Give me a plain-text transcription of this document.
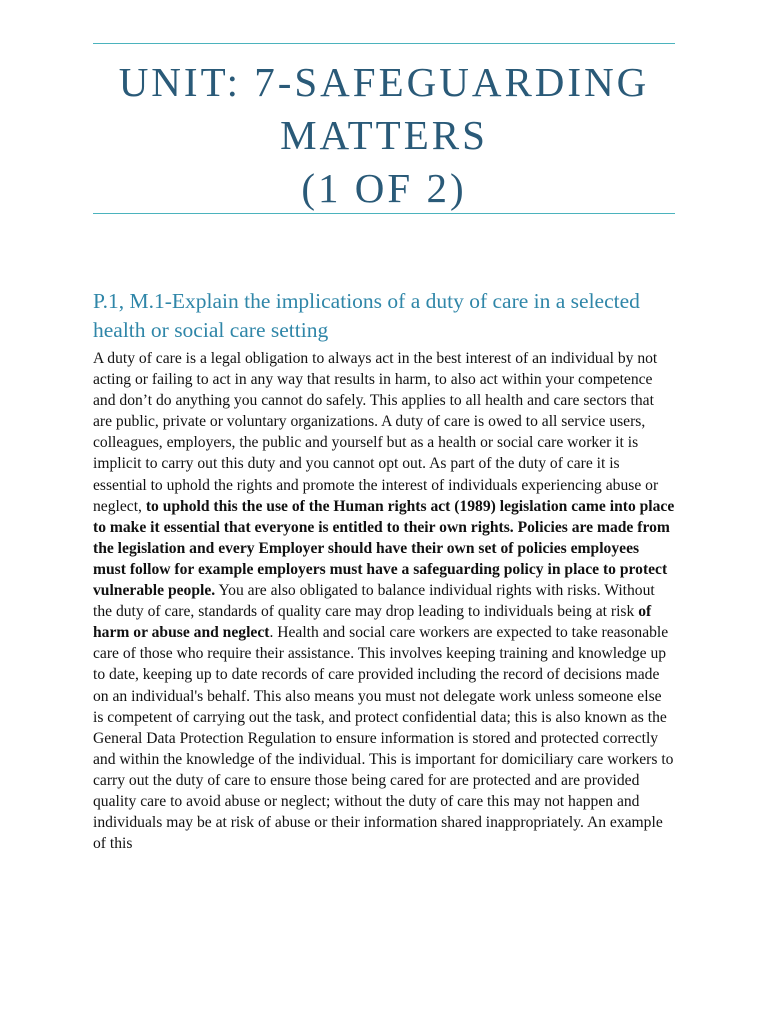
UNIT: 7-SAFEGUARDING
MATTERS
(1 OF 2)
P.1, M.1-Explain the implications of a duty of care in a selected health or social care setting

A duty of care is a legal obligation to always act in the best interest of an individual by not acting or failing to act in any way that results in harm, to also act within your competence and don’t do anything you cannot do safely. This applies to all health and care sectors that are public, private or voluntary organizations. A duty of care is owed to all service users, colleagues, employers, the public and yourself but as a health or social care worker it is implicit to carry out this duty and you cannot opt out. As part of the duty of care it is essential to uphold the rights and promote the interest of individuals experiencing abuse or neglect, to uphold this the use of the Human rights act (1989) legislation came into place to make it essential that everyone is entitled to their own rights. Policies are made from the legislation and every Employer should have their own set of policies employees must follow for example employers must have a safeguarding policy in place to protect vulnerable people. You are also obligated to balance individual rights with risks. Without the duty of care, standards of quality care may drop leading to individuals being at risk of harm or abuse and neglect. Health and social care workers are expected to take reasonable care of those who require their assistance. This involves keeping training and knowledge up to date, keeping up to date records of care provided including the record of decisions made on an individual's behalf. This also means you must not delegate work unless someone else is competent of carrying out the task, and protect confidential data; this is also known as the General Data Protection Regulation to ensure information is stored and protected correctly and within the knowledge of the individual. This is important for domiciliary care workers to carry out the duty of care to ensure those being cared for are protected and are provided quality care to avoid abuse or neglect; without the duty of care this may not happen and individuals may be at risk of abuse or their information shared inappropriately. An example of this
